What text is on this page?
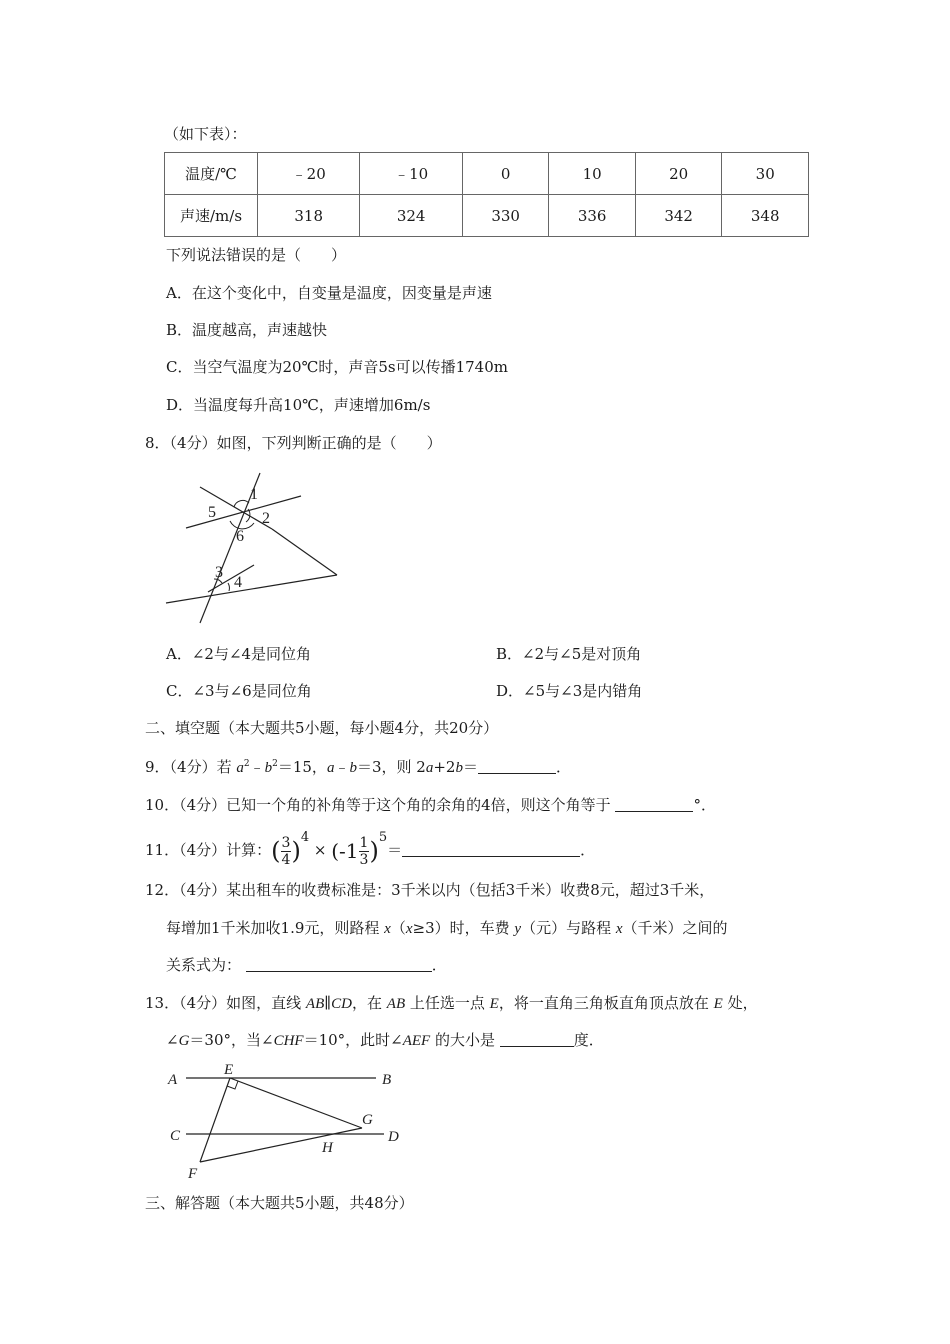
（如下表）：
温度/℃	﹣20	﹣10	0	10	20	30
声速/m/s	318	324	330	336	342	348
下列说法错误的是（　　）
A．在这个变化中，自变量是温度，因变量是声速
B．温度越高，声速越快
C．当空气温度为20℃时，声音5s可以传播1740m
D．当温度每升高10℃，声速增加6m/s
8．（4分）如图，下列判断正确的是（　　）
1
2
5
6
3
4
A．∠2与∠4是同位角	B．∠2与∠5是对顶角
C．∠3与∠6是同位角	D．∠5与∠3是内错角
二、填空题（本大题共5小题，每小题4分，共20分）
9．（4分）若 $a^2﹣b^2=15$，a﹣b＝3，则 2a+2b＝	．
10．（4分）已知一个角的补角等于这个角的余角的4倍，则这个角等于	°．
11．（4分）计算：( $\frac{3}{4} )^4 \times (-1 \frac{1}{3} )^5=$	．
12．（4分）某出租车的收费标准是：3千米以内（包括3千米）收费8元，超过3千米，
每增加1千米加收1.9元，则路程 x（x≥3）时，车费 y（元）与路程 x（千米）之间的
关系式为：	．
13．（4分）如图，直线 AB∥CD，在 AB 上任选一点 E，将一直角三角板直角顶点放在 E 处，
∠G＝30°，当∠CHF＝10°，此时∠AEF 的大小是	度．
A
E
B
C
G
D
H
F
三、解答题（本大题共5小题，共48分）
